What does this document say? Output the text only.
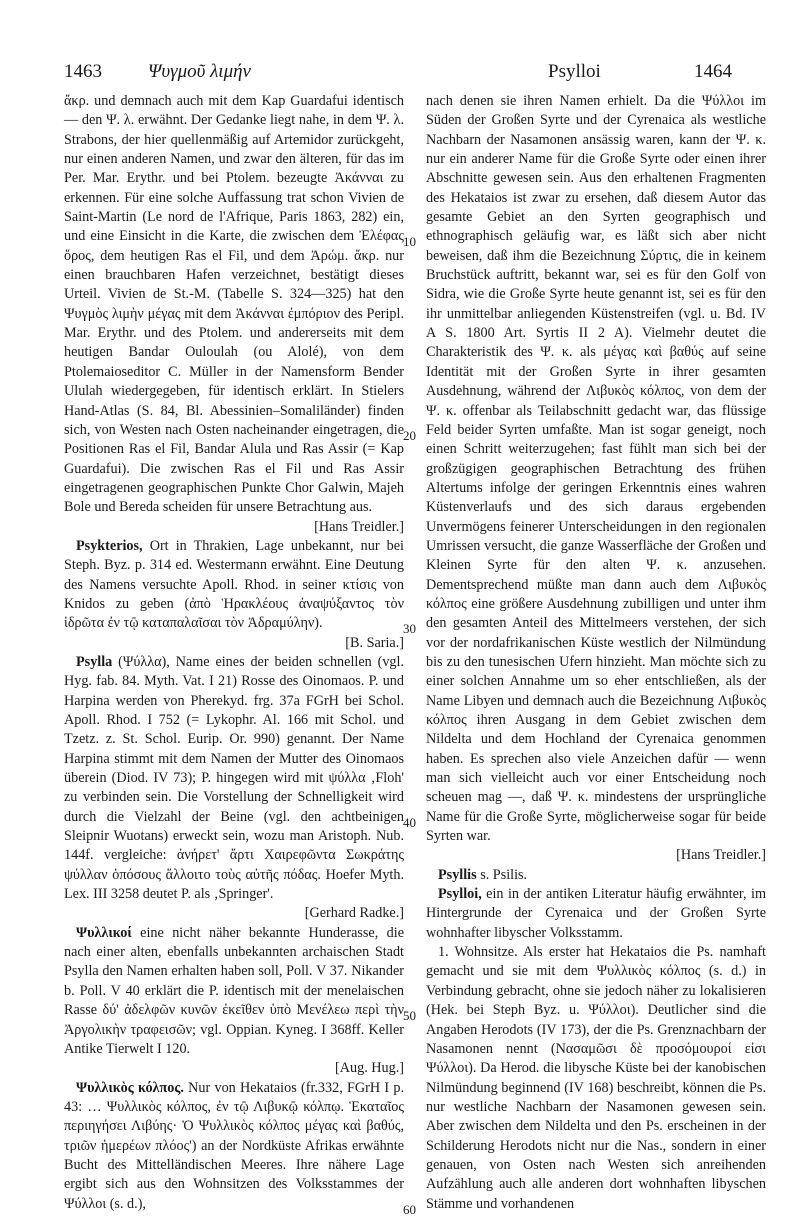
1463 Ψυγμοῦ λιμήν	Psylloi	1464

ἄκρ. und demnach auch mit dem Kap Guardafui identisch — den Ψ. λ. erwähnt. Der Gedanke liegt nahe, in dem Ψ. λ. Strabons, der hier quellenmäßig auf Artemidor zurückgeht, nur einen anderen Namen, und zwar den älteren, für das im Per. Mar. Erythr. und bei Ptolem. bezeugte Ἀκάνναι zu erkennen. Für eine solche Auffassung trat schon Vivien de Saint-Martin (Le nord de l'Afrique, Paris 1863, 282) ein, und eine Einsicht in die Karte, die zwischen dem Ἐλέφας ὄρος, dem heutigen Ras el Fil, und dem Ἀρώμ. ἄκρ. nur einen brauchbaren Hafen verzeichnet, bestätigt dieses Urteil. Vivien de St.-M. (Tabelle S. 324—325) hat den Ψυγμὸς λιμὴν μέγας mit dem Ἀκάνναι ἐμπόριον des Peripl. Mar. Erythr. und des Ptolem. und andererseits mit dem heutigen Bandar Ouloulah (ou Alolé), von dem Ptolemaioseditor C. Müller in der Namensform Bender Ululah wiedergegeben, für identisch erklärt. In Stielers Hand-Atlas (S. 84, Bl. Abessinien–Somaliländer) finden sich, von Westen nach Osten nacheinander eingetragen, die Positionen Ras el Fil, Bandar Alula und Ras Assir (= Kap Guardafui). Die zwischen Ras el Fil und Ras Assir eingetragenen geographischen Punkte Chor Galwin, Majeh Bole und Bereda scheiden für unsere Betrachtung aus.
[Hans Treidler.]

Psykterios, Ort in Thrakien, Lage unbekannt, nur bei Steph. Byz. p. 314 ed. Westermann erwähnt. Eine Deutung des Namens versuchte Apoll. Rhod. in seiner κτίσις von Knidos zu geben (ἀπὸ Ἡρακλέους ἀναψύξαντος τὸν ἱδρῶτα ἐν τῷ καταπαλαῖσαι τὸν Ἀδραμύλην).
[B. Saria.]

Psylla (Ψύλλα), Name eines der beiden schnellen (vgl. Hyg. fab. 84. Myth. Vat. I 21) Rosse des Oinomaos. P. und Harpina werden von Pherekyd. frg. 37a FGrH bei Schol. Apoll. Rhod. I 752 (= Lykophr. Al. 166 mit Schol. und Tzetz. z. St. Schol. Eurip. Or. 990) genannt. Der Name Harpina stimmt mit dem Namen der Mutter des Oinomaos überein (Diod. IV 73); P. hingegen wird mit ψύλλα ‚Floh' zu verbinden sein. Die Vorstellung der Schnelligkeit wird durch die Vielzahl der Beine (vgl. den achtbeinigen Sleipnir Wuotans) erweckt sein, wozu man Aristoph. Nub. 144f. vergleiche: ἀνήρετ' ἄρτι Χαιρεφῶντα Σωκράτης ψύλλαν ὁπόσους ἅλλοιτο τοὺς αὐτῆς πόδας. Hoefer Myth. Lex. III 3258 deutet P. als ‚Springer'.
[Gerhard Radke.]

Ψυλλικοί eine nicht näher bekannte Hunderasse, die nach einer alten, ebenfalls unbekannten archaischen Stadt Psylla den Namen erhalten haben soll, Poll. V 37. Nikander b. Poll. V 40 erklärt die P. identisch mit der menelaischen Rasse δύ' ἀδελφῶν κυνῶν ἐκεῖθεν ὑπὸ Μενέλεω περὶ τὴν Ἀργολικὴν τραφεισῶν; vgl. Oppian. Kyneg. I 368ff. Keller Antike Tierwelt I 120.
[Aug. Hug.]

Ψυλλικὸς κόλπος. Nur von Hekataios (fr.332, FGrH I p. 43: … Ψυλλικὸς κόλπος, ἐν τῷ Λιβυκῷ κόλπῳ. Ἑκαταῖος περιηγήσει Λιβύης· Ὁ Ψυλλικὸς κόλπος μέγας καὶ βαθύς, τριῶν ἡμερέων πλόος') an der Nordküste Afrikas erwähnte Bucht des Mittelländischen Meeres. Ihre nähere Lage ergibt sich aus den Wohnsitzen des Volksstammes der Ψύλλοι (s. d.),

nach denen sie ihren Namen erhielt. Da die Ψύλλοι im Süden der Großen Syrte und der Cyrenaica als westliche Nachbarn der Nasamonen ansässig waren, kann der Ψ. κ. nur ein anderer Name für die Große Syrte oder einen ihrer Abschnitte gewesen sein. Aus den erhaltenen Fragmenten des Hekataios ist zwar zu ersehen, daß diesem Autor das gesamte Gebiet an den Syrten geographisch und ethnographisch geläufig war, es läßt sich aber nicht beweisen, daß ihm die Bezeichnung Σύρτις, die in keinem Bruchstück auftritt, bekannt war, sei es für den Golf von Sidra, wie die Große Syrte heute genannt ist, sei es für den ihr unmittelbar anliegenden Küstenstreifen (vgl. u. Bd. IV A S. 1800 Art. Syrtis II 2 A). Vielmehr deutet die Charakteristik des Ψ. κ. als μέγας καὶ βαθύς auf seine Identität mit der Großen Syrte in ihrer gesamten Ausdehnung, während der Λιβυκὸς κόλπος, von dem der Ψ. κ. offenbar als Teilabschnitt gedacht war, das flüssige Feld beider Syrten umfaßte. Man ist sogar geneigt, noch einen Schritt weiterzugehen; fast fühlt man sich bei der großzügigen geographischen Betrachtung des frühen Altertums infolge der geringen Erkenntnis eines wahren Küstenverlaufs und des sich daraus ergebenden Unvermögens feinerer Unterscheidungen in den regionalen Umrissen versucht, die ganze Wasserfläche der Großen und Kleinen Syrte für den alten Ψ. κ. anzusehen. Dementsprechend müßte man dann auch dem Λιβυκὸς κόλπος eine größere Ausdehnung zubilligen und unter ihm den gesamten Anteil des Mittelmeers verstehen, der sich vor der nordafrikanischen Küste westlich der Nilmündung bis zu den tunesischen Ufern hinzieht. Man möchte sich zu einer solchen Annahme um so eher entschließen, als der Name Libyen und demnach auch die Bezeichnung Λιβυκὸς κόλπος ihren Ausgang in dem Gebiet zwischen dem Nildelta und dem Hochland der Cyrenaica genommen haben. Es sprechen also viele Anzeichen dafür — wenn man sich vielleicht auch vor einer Entscheidung noch scheuen mag —, daß Ψ. κ. mindestens der ursprüngliche Name für die Große Syrte, möglicherweise sogar für beide Syrten war.
[Hans Treidler.]

Psyllis s. Psilis.

Psylloi, ein in der antiken Literatur häufig erwähnter, im Hintergrunde der Cyrenaica und der Großen Syrte wohnhafter libyscher Volksstamm.

1. Wohnsitze. Als erster hat Hekataios die Ps. namhaft gemacht und sie mit dem Ψυλλικὸς κόλπος (s. d.) in Verbindung gebracht, ohne sie jedoch näher zu lokalisieren (Hek. bei Steph Byz. u. Ψύλλοι). Deutlicher sind die Angaben Herodots (IV 173), der die Ps. Grenznachbarn der Nasamonen nennt (Νασαμῶσι δὲ προσόμουροί εἰσι Ψύλλοι). Da Herod. die libysche Küste bei der kanobischen Nilmündung beginnend (IV 168) beschreibt, können die Ps. nur westliche Nachbarn der Nasamonen gewesen sein. Aber zwischen dem Nildelta und den Ps. erscheinen in der Schilderung Herodots nicht nur die Nas., sondern in einer genauen, von Osten nach Westen sich anreihenden Aufzählung auch alle anderen dort wohnhaften libyschen Stämme und vorhandenen

10
20
30
40
50
60
